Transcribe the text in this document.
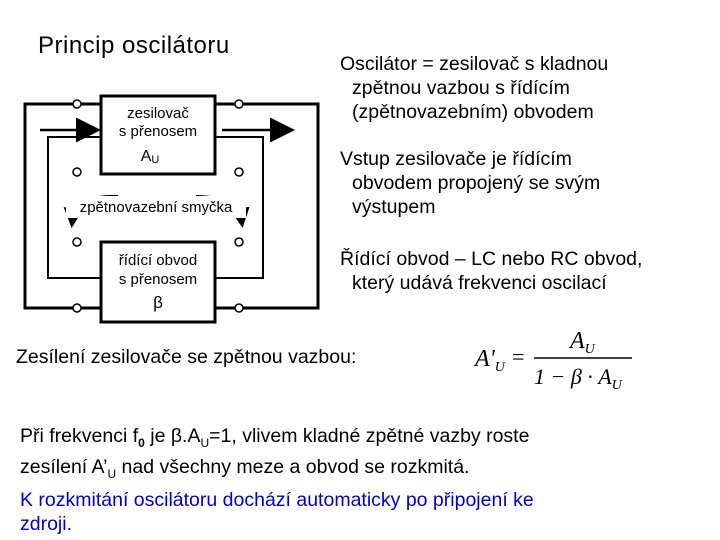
Princip oscilátoru
zesilovač
s přenosem
AU
zpětnovazební smyčka
řídící obvod
s přenosem
β
Oscilátor = zesilovač s kladnou
zpětnou vazbou s řídícím
(zpětnovazebním) obvodem
Vstup zesilovače je řídícím
obvodem propojený se svým
výstupem
Řídící obvod – LC nebo RC obvod,
který udává frekvenci oscilací
Zesílení zesilovače se zpětnou vazbou:	$A'_U$ =
$A_U$
$1 - \beta \cdot A_U$
Při frekvenci $f_0$ je $\beta.A_U=1$, vlivem kladné zpětné vazby roste
zesílení $A’_U$ nad všechny meze a obvod se rozkmitá.
K rozkmitání oscilátoru dochází automaticky po připojení ke
zdroji.
